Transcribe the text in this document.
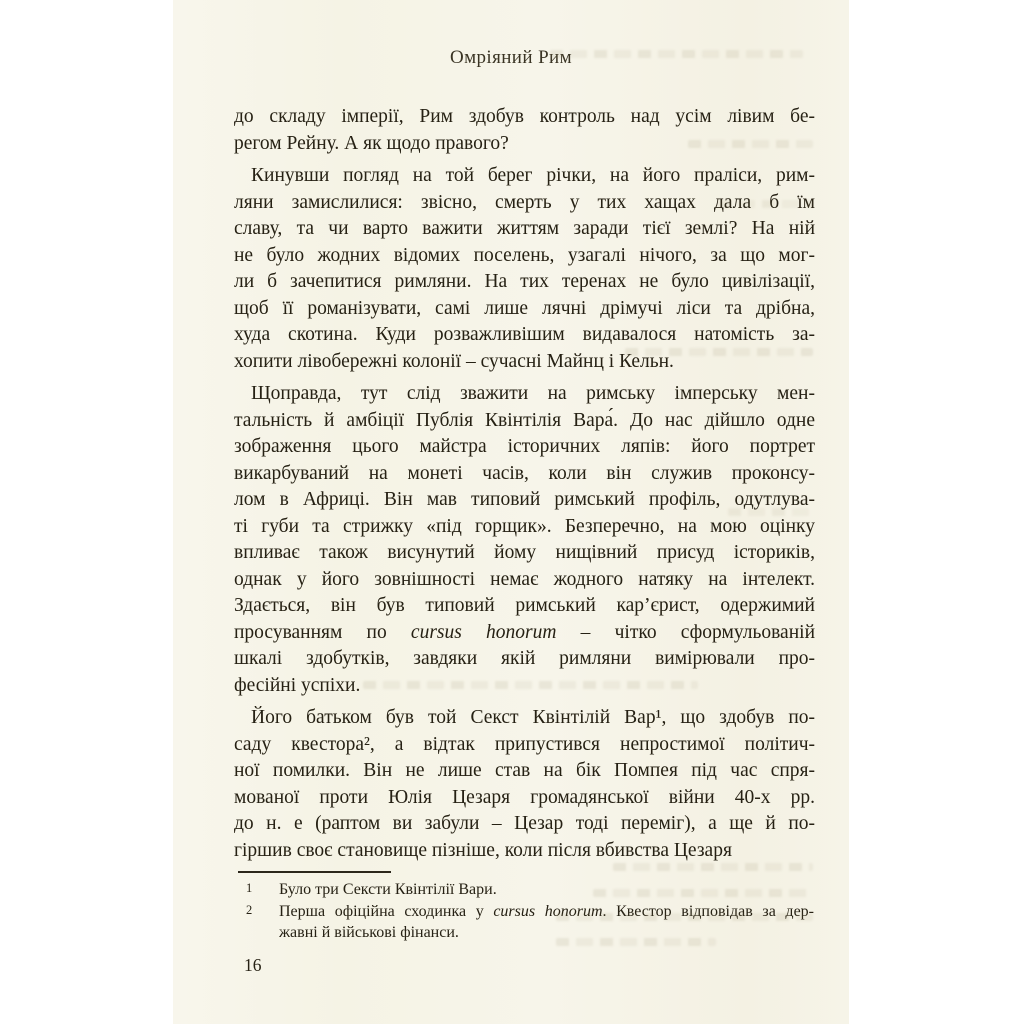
Омріяний Рим
до складу імперії, Рим здобув контроль над усім лівим бе-
регом Рейну. А як щодо правого?
Кинувши погляд на той берег річки, на його праліси, рим-
ляни замислилися: звісно, смерть у тих хащах дала б їм
славу, та чи варто важити життям заради тієї землі? На ній
не було жодних відомих поселень, узагалі нічого, за що мог-
ли б зачепитися римляни. На тих теренах не було цивілізації,
щоб її романізувати, самі лише лячні дрімучі ліси та дрібна,
худа скотина. Куди розважливішим видавалося натомість за-
хопити лівобережні колонії – сучасні Майнц і Кельн.
Щоправда, тут слід зважити на римську імперську мен-
тальність й амбіції Публія Квінтілія Вара́. До нас дійшло одне
зображення цього майстра історичних ляпів: його портрет
викарбуваний на монеті часів, коли він служив проконсу-
лом в Африці. Він мав типовий римський профіль, одутлува-
ті губи та стрижку «під горщик». Безперечно, на мою оцінку
впливає також висунутий йому нищівний присуд істориків,
однак у його зовнішності немає жодного натяку на інтелект.
Здається, він був типовий римський кар’єрист, одержимий
просуванням по cursus honorum – чітко сформульованій
шкалі здобутків, завдяки якій римляни вимірювали про-
фесійні успіхи.
Його батьком був той Секст Квінтілій Вар¹, що здобув по-
саду квестора², а відтак припустився непростимої політич-
ної помилки. Він не лише став на бік Помпея під час спря-
мованої проти Юлія Цезаря громадянської війни 40-х рр.
до н. е (раптом ви забули – Цезар тоді переміг), а ще й по-
гіршив своє становище пізніше, коли після вбивства Цезаря
1	Було три Сексти Квінтілії Вари.
2	Перша офіційна сходинка у cursus honorum. Квестор відповідав за дер-
жавні й військові фінанси.
16
